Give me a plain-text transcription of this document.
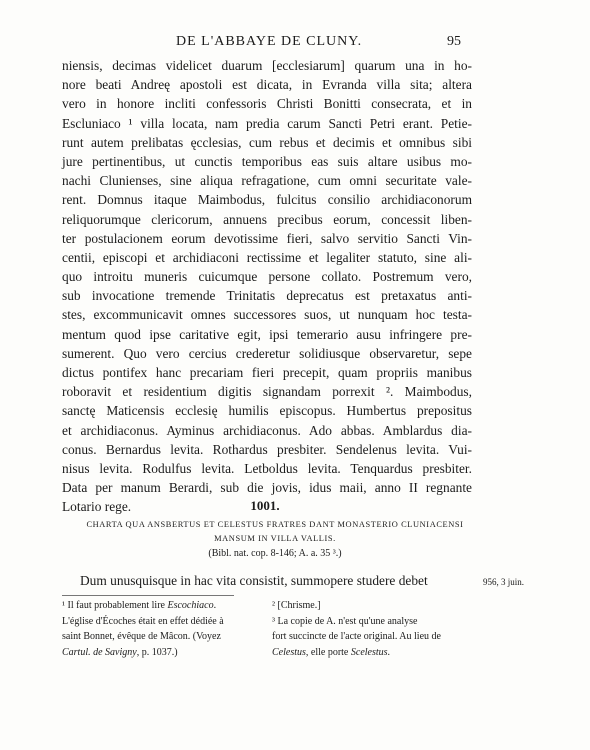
DE L'ABBAYE DE CLUNY.	95
niensis, decimas videlicet duarum [ecclesiarum] quarum una in ho-
nore beati Andreę apostoli est dicata, in Evranda villa sita; altera
vero in honore incliti confessoris Christi Bonitti consecrata, et in
Escluniaco ¹ villa locata, nam predia carum Sancti Petri erant. Petie-
runt autem prelibatas ęcclesias, cum rebus et decimis et omnibus sibi
jure pertinentibus, ut cunctis temporibus eas suis altare usibus mo-
nachi Clunienses, sine aliqua refragatione, cum omni securitate vale-
rent. Domnus itaque Maimbodus, fulcitus consilio archidiaconorum
reliquorumque clericorum, annuens precibus eorum, concessit liben-
ter postulacionem eorum devotissime fieri, salvo servitio Sancti Vin-
centii, episcopi et archidiaconi rectissime et legaliter statuto, sine ali-
quo introitu muneris cuicumque persone collato. Postremum vero,
sub invocatione tremende Trinitatis deprecatus est pretaxatus anti-
stes, excommunicavit omnes successores suos, ut nunquam hoc testa-
mentum quod ipse caritative egit, ipsi temerario ausu infringere pre-
sumerent. Quo vero cercius crederetur solidiusque observaretur, sepe
dictus pontifex hanc precariam fieri precepit, quam propriis manibus
roboravit et residentium digitis signandam porrexit ². Maimbodus,
sanctę Maticensis ecclesię humilis episcopus. Humbertus prepositus
et archidiaconus. Ayminus archidiaconus. Ado abbas. Amblardus dia-
conus. Bernardus levita. Rothardus presbiter. Sendelenus levita. Vui-
nisus levita. Rodulfus levita. Letboldus levita. Tenquardus presbiter.
Data per manum Berardi, sub die jovis, idus maii, anno II regnante
Lotario rege.	1001.
CHARTA QUA ANSBERTUS ET CELESTUS FRATRES DANT MONASTERIO CLUNIACENSI
MANSUM IN VILLA VALLIS.
(Bibl. nat. cop. 8-146; A. a. 35 ³.)
Dum unusquisque in hac vita consistit, summopere studere debet	956, 3 juin.
¹ Il faut probablement lire Escochiaco.
L'église d'Écoches était en effet dédiée à
saint Bonnet, évêque de Mâcon. (Voyez
Cartul. de Savigny, p. 1037.)
² [Chrisme.]
³ La copie de A. n'est qu'une analyse
fort succincte de l'acte original. Au lieu de
Celestus, elle porte Scelestus.
